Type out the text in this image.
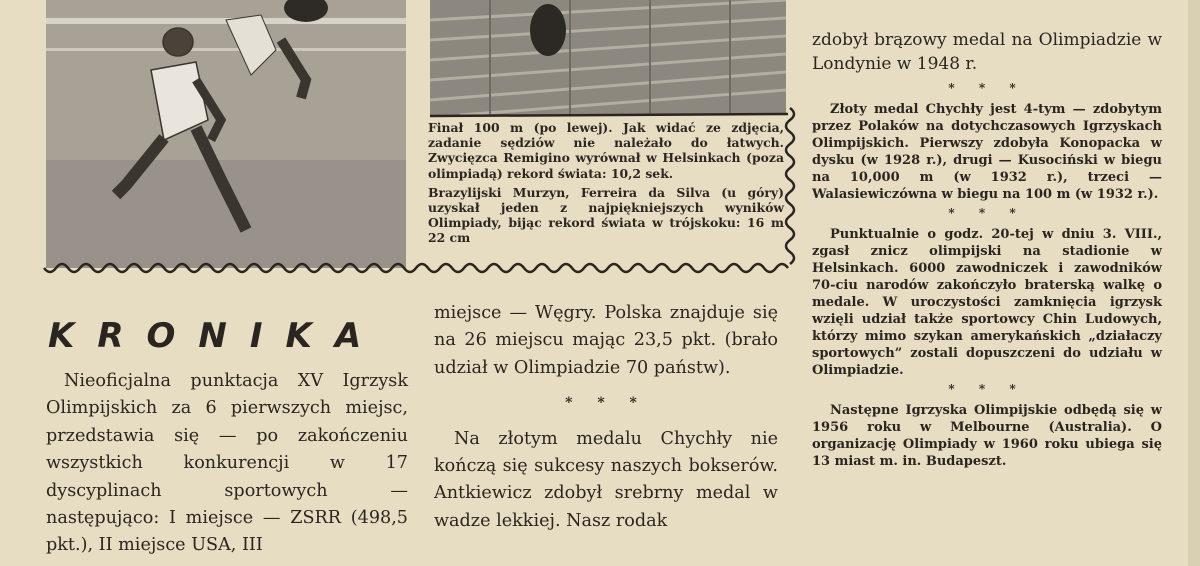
Finał 100 m (po lewej). Jak widać ze zdjęcia, zadanie sędziów nie należało do łatwych. Zwycięzca Remigino wyrównał w Helsinkach (poza olimpiadą) rekord świata: 10,2 sek.

Brazylijski Murzyn, Ferreira da Silva (u góry) uzyskał jeden z najpiękniejszych wyników Olimpiady, bijąc rekord świata w trójskoku: 16 m 22 cm

KRONIKA

Nieoficjalna punktacja XV Igrzysk Olimpijskich za 6 pierwszych miejsc, przedstawia się — po zakończeniu wszystkich konkurencji w 17 dyscyplinach sportowych — następująco: I miejsce — ZSRR (498,5 pkt.), II miejsce USA, III

miejsce — Węgry. Polska znajduje się na 26 miejscu mając 23,5 pkt. (brało udział w Olimpiadzie 70 państw).

* * *

Na złotym medalu Chychły nie kończą się sukcesy naszych bokserów. Antkiewicz zdobył srebrny medal w wadze lekkiej. Nasz rodak

zdobył brązowy medal na Olimpiadzie w Londynie w 1948 r.

* * *

Złoty medal Chychły jest 4-tym — zdobytym przez Polaków na dotychczasowych Igrzyskach Olimpijskich. Pierwszy zdobyła Konopacka w dysku (w 1928 r.), drugi — Kusociński w biegu na 10,000 m (w 1932 r.), trzeci — Walasiewiczówna w biegu na 100 m (w 1932 r.).

* * *

Punktualnie o godz. 20-tej w dniu 3. VIII., zgasł znicz olimpijski na stadionie w Helsinkach. 6000 zawodniczek i zawodników 70-ciu narodów zakończyło braterską walkę o medale. W uroczystości zamknięcia igrzysk wzięli udział także sportowcy Chin Ludowych, którzy mimo szykan amerykańskich „działaczy sportowych” zostali dopuszczeni do udziału w Olimpiadzie.

* * *

Następne Igrzyska Olimpijskie odbędą się w 1956 roku w Melbourne (Australia). O organizację Olimpiady w 1960 roku ubiega się 13 miast m. in. Budapeszt.
